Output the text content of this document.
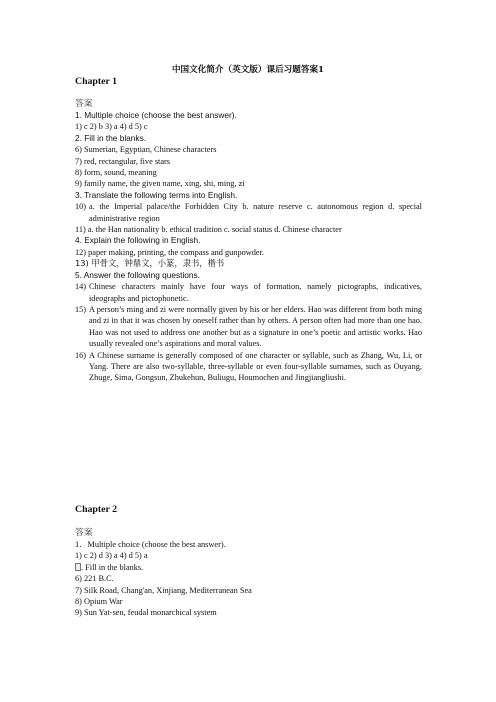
中国文化简介（英文版）课后习题答案1
Chapter 1
答案
1. Multiple choice (choose the best answer).
1) c 2) b 3) a 4) d 5) c
2. Fill in the blanks.
6) Sumerian, Egyptian, Chinese characters
7) red, rectangular, five stars
8) form, sound, meaning
9) family name, the given name, xing, shi, ming, zi
3. Translate the following terms into English.
10) a. the Imperial palace/the Forbidden City b. nature reserve c. autonomous region d. special administrative region
11) a. the Han nationality b. ethical tradition c. social status d. Chinese character
4. Explain the following in English.
12) paper making, printing, the compass and gunpowder.
13) 甲骨文，钟鼎文，小篆，隶书，楷书
5. Answer the following questions.
14) Chinese characters mainly have four ways of formation, namely pictographs, indicatives, ideographs and pictophonetic.
15) A person’s ming and zi were normally given by his or her elders. Hao was different from both ming and zi in that it was chosen by oneself rather than by others. A person often had more than one hao. Hao was not used to address one another but as a signature in one’s poetic and artistic works. Hao usually revealed one’s aspirations and moral values.
16) A Chinese surname is generally composed of one character or syllable, such as Zhang, Wu, Li, or Yang. There are also two-syllable, three-syllable or even four-syllable surnames, such as Ouyang, Zhuge, Sima, Gongsun, Zhukehun, Buliugu, Houmochen and Jingjiangliushi.
Chapter 2
答案
1．Multiple choice (choose the best answer).
1) c 2) d 3) a 4) d 5) a
. Fill in the blanks.
6) 221 B.C.
7) Silk Road, Chang'an, Xinjiang, Mediterranean Sea
8) Opium War
9) Sun Yat-sen, feudal monarchical system
